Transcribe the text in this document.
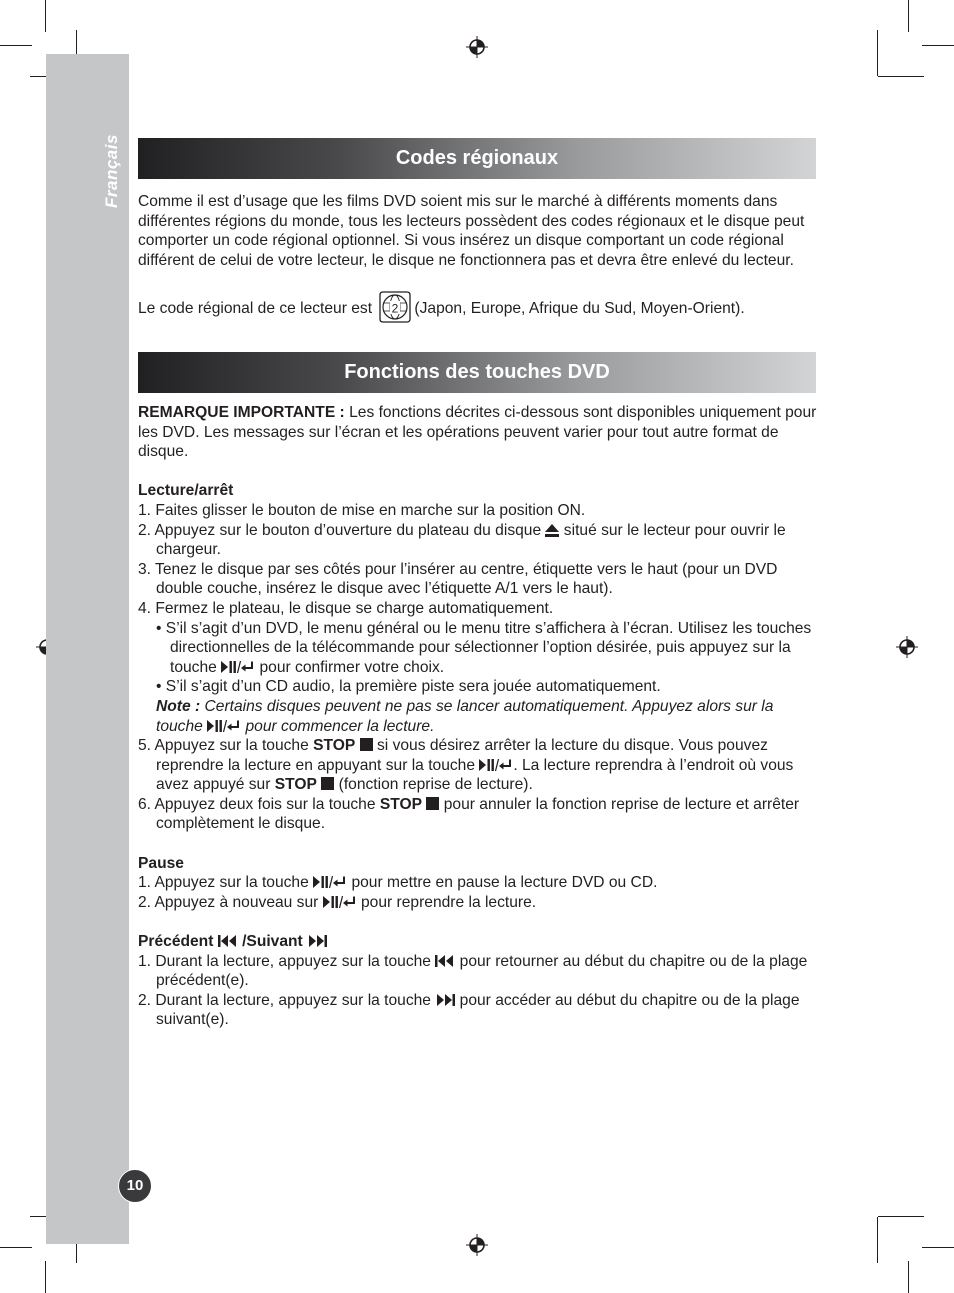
Français
10
Codes régionaux

Comme il est d’usage que les films DVD soient mis sur le marché à différents moments dans différentes régions du monde, tous les lecteurs possèdent des codes régionaux et le disque peut comporter un code régional optionnel. Si vous insérez un disque comportant un code régional différent de celui de votre lecteur, le disque ne fonctionnera pas et devra être enlevé du lecteur.

Le code régional de ce lecteur est 2 (Japon, Europe, Afrique du Sud, Moyen-Orient).

Fonctions des touches DVD

REMARQUE IMPORTANTE : Les fonctions décrites ci-dessous sont disponibles uniquement pour les DVD. Les messages sur l’écran et les opérations peuvent varier pour tout autre format de disque.

Lecture/arrêt

1. Faites glisser le bouton de mise en marche sur la position ON.

2. Appuyez sur le bouton d’ouverture du plateau du disque  situé sur le lecteur pour ouvrir le chargeur.

3. Tenez le disque par ses côtés pour l’insérer au centre, étiquette vers le haut (pour un DVD double couche, insérez le disque avec l’étiquette A/1 vers le haut).

4. Fermez le plateau, le disque se charge automatiquement.

• S’il s’agit d’un DVD, le menu général ou le menu titre s’affichera à l’écran. Utilisez les touches directionnelles de la télécommande pour sélectionner l’option désirée, puis appuyez sur la touche  pour confirmer votre choix.

• S’il s’agit d’un CD audio, la première piste sera jouée automatiquement.

Note : Certains disques peuvent ne pas se lancer automatiquement. Appuyez alors sur la touche  pour commencer la lecture.

5. Appuyez sur la touche STOP  si vous désirez arrêter la lecture du disque. Vous pouvez reprendre la lecture en appuyant sur la touche . La lecture reprendra à l’endroit où vous avez appuyé sur STOP  (fonction reprise de lecture).

6. Appuyez deux fois sur la touche STOP  pour annuler la fonction reprise de lecture et arrêter complètement le disque.

Pause

1. Appuyez sur la touche  pour mettre en pause la lecture DVD ou CD.

2. Appuyez à nouveau sur  pour reprendre la lecture.

Précédent  /Suivant

1. Durant la lecture, appuyez sur la touche  pour retourner au début du chapitre ou de la plage précédent(e).

2. Durant la lecture, appuyez sur la touche  pour accéder au début du chapitre ou de la plage suivant(e).
